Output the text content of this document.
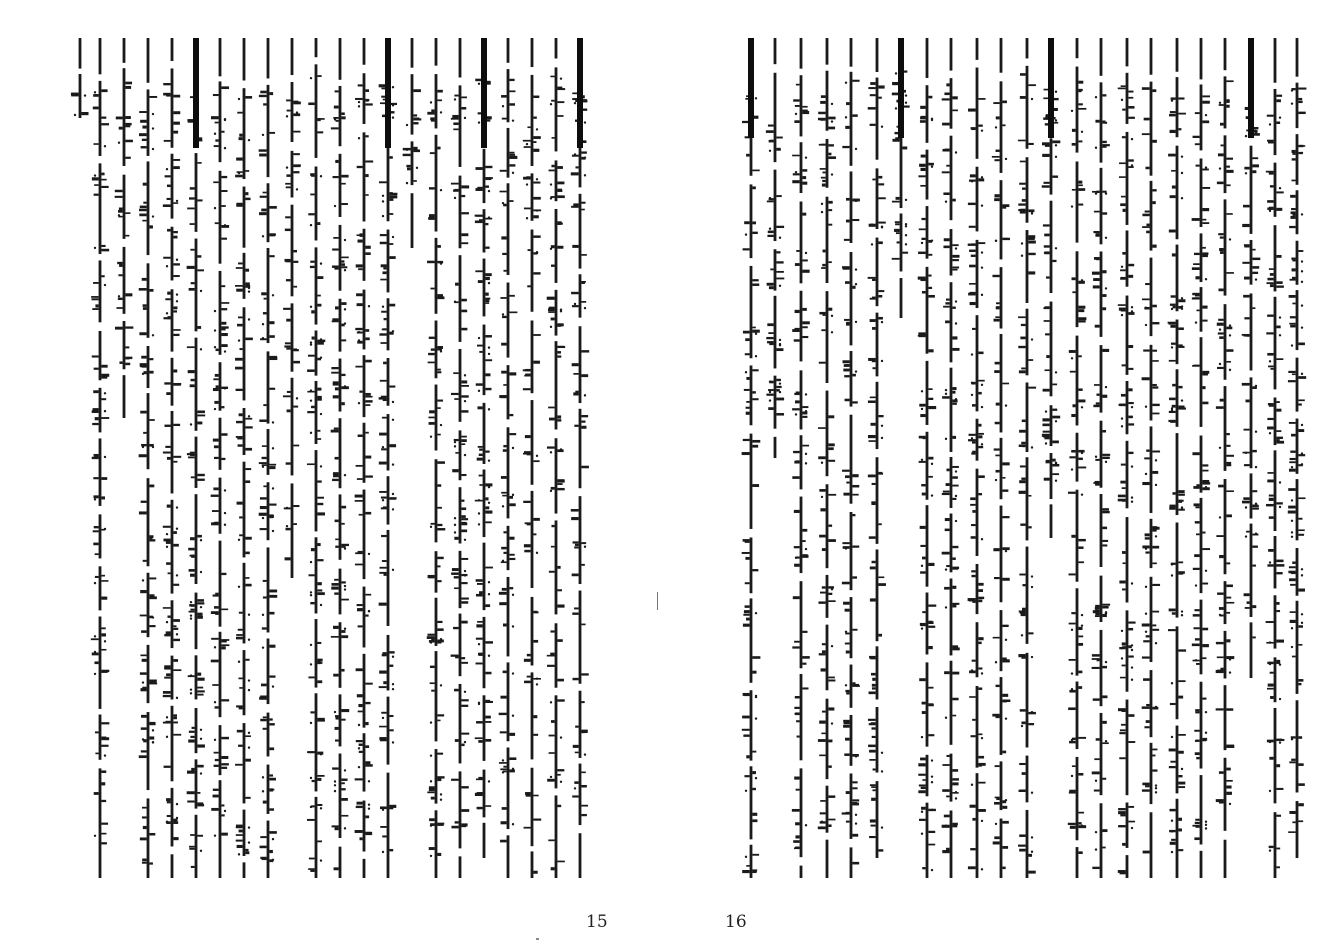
15	16
